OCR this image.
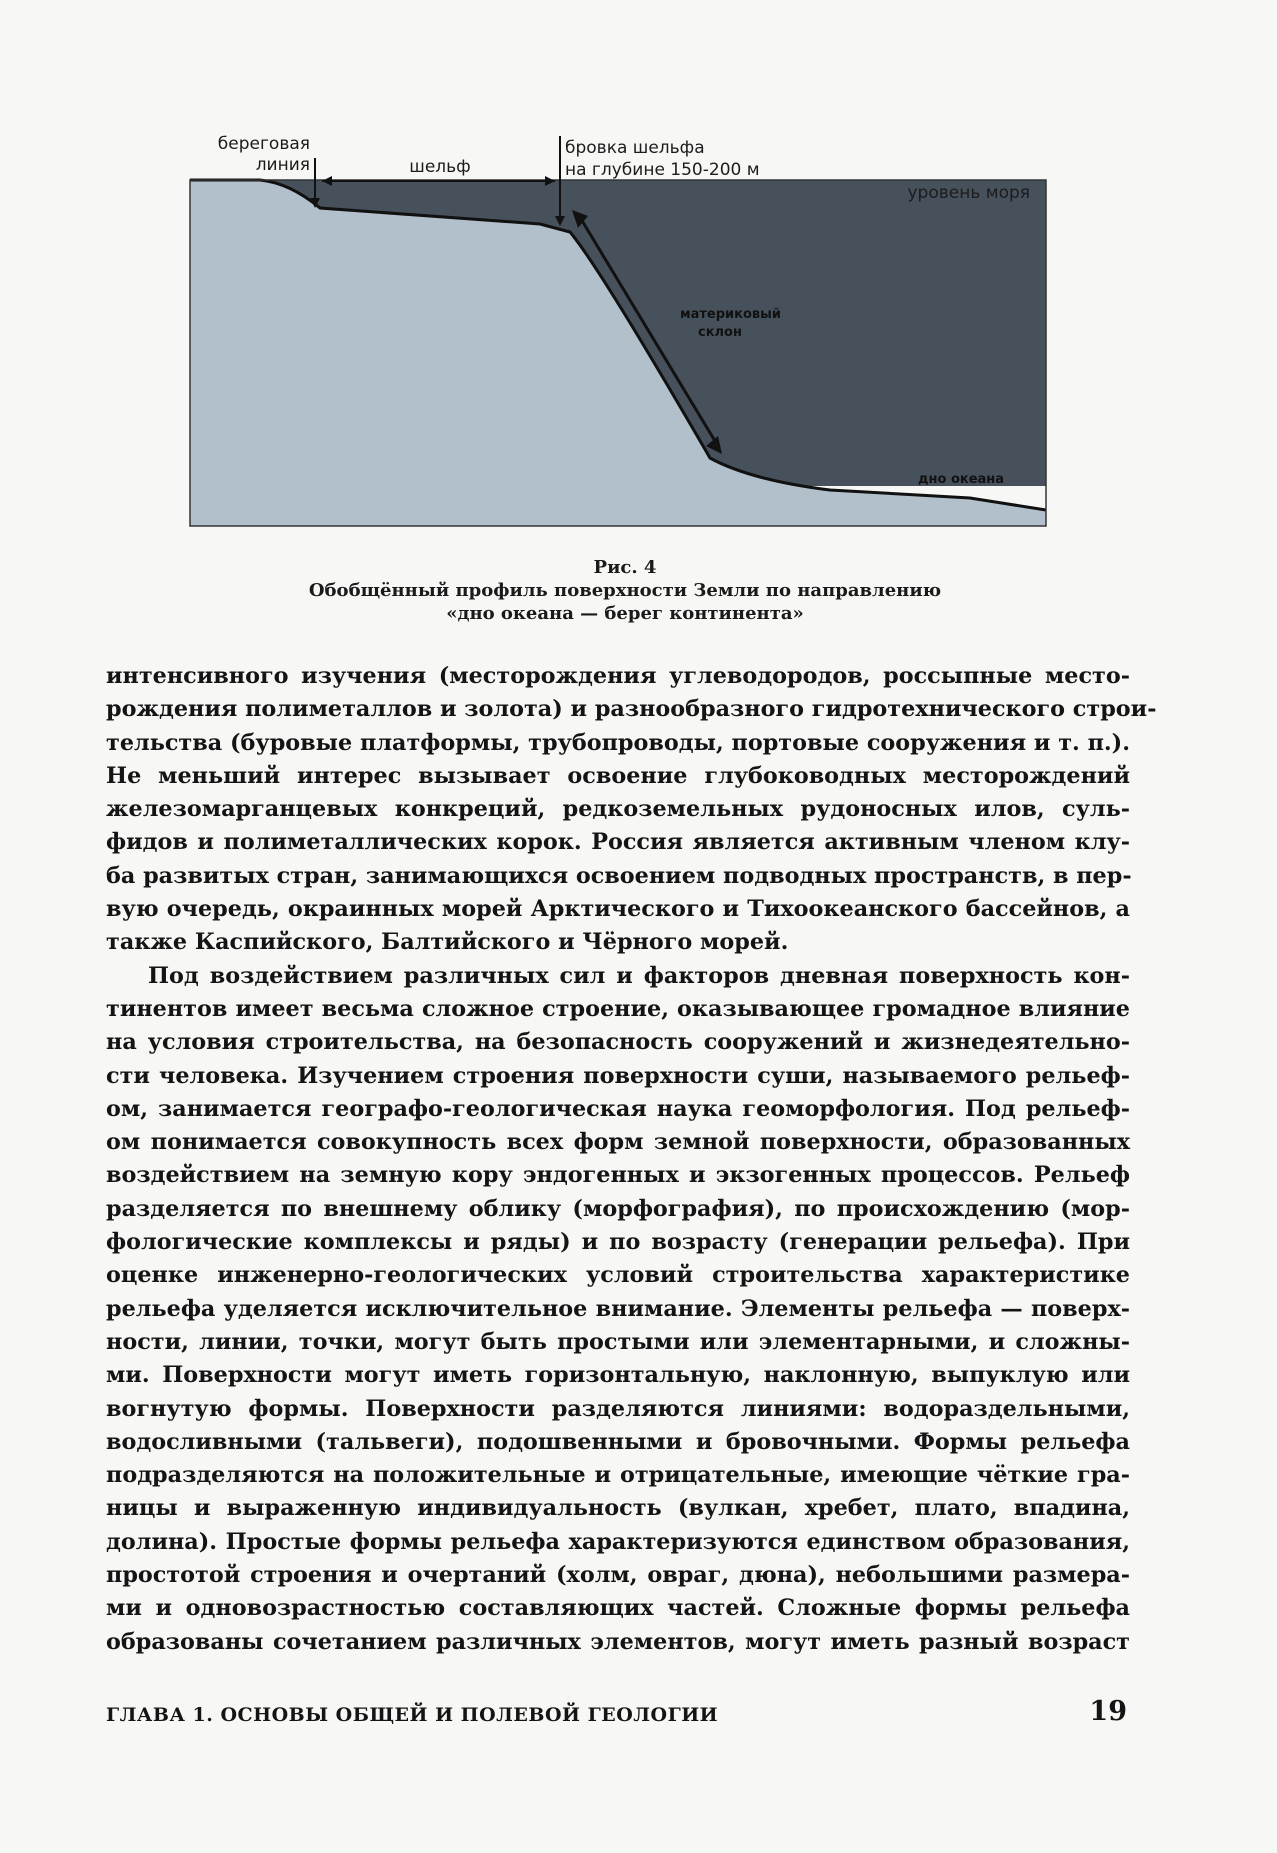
береговая
линия	шельф
бровка шельфа
на глубине 150-200 м
уровень моря
материковый
склон
дно океана
Рис. 4
Обобщённый профиль поверхности Земли по направлению
«дно океана — берег континента»
интенсивного изучения (месторождения углеводородов, россыпные место-
рождения полиметаллов и золота) и разнообразного гидротехнического строи-
тельства (буровые платформы, трубопроводы, портовые сооружения и т. п.).
Не меньший интерес вызывает освоение глубоководных месторождений
железомарганцевых конкреций, редкоземельных рудоносных илов, суль-
фидов и полиметаллических корок. Россия является активным членом клу-
ба развитых стран, занимающихся освоением подводных пространств, в пер-
вую очередь, окраинных морей Арктического и Тихоокеанского бассейнов, а
также Каспийского, Балтийского и Чёрного морей.
Под воздействием различных сил и факторов дневная поверхность кон-
тинентов имеет весьма сложное строение, оказывающее громадное влияние
на условия строительства, на безопасность сооружений и жизнедеятельно-
сти человека. Изучением строения поверхности суши, называемого рельеф-
ом, занимается географо-геологическая наука геоморфология. Под рельеф-
ом понимается совокупность всех форм земной поверхности, образованных
воздействием на земную кору эндогенных и экзогенных процессов. Рельеф
разделяется по внешнему облику (морфография), по происхождению (мор-
фологические комплексы и ряды) и по возрасту (генерации рельефа). При
оценке инженерно-геологических условий строительства характеристике
рельефа уделяется исключительное внимание. Элементы рельефа — поверх-
ности, линии, точки, могут быть простыми или элементарными, и сложны-
ми. Поверхности могут иметь горизонтальную, наклонную, выпуклую или
вогнутую формы. Поверхности разделяются линиями: водораздельными,
водосливными (тальвеги), подошвенными и бровочными. Формы рельефа
подразделяются на положительные и отрицательные, имеющие чёткие гра-
ницы и выраженную индивидуальность (вулкан, хребет, плато, впадина,
долина). Простые формы рельефа характеризуются единством образования,
простотой строения и очертаний (холм, овраг, дюна), небольшими размера-
ми и одновозрастностью составляющих частей. Сложные формы рельефа
образованы сочетанием различных элементов, могут иметь разный возраст
ГЛАВА 1. ОСНОВЫ ОБЩЕЙ И ПОЛЕВОЙ ГЕОЛОГИИ	19
